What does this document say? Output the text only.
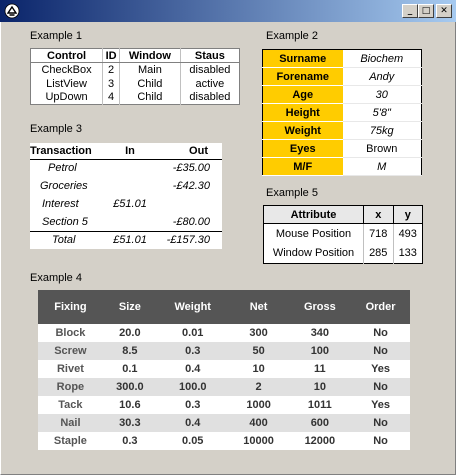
_	□	✕
Example 1
Control	ID	Window	Staus
CheckBox	2	Main	disabled
ListView	3	Child	active
UpDown	4	Child	disabled
Example 2
Surname	Biochem
Forename	Andy
Age	30
Height	5'8"
Weight	75kg
Eyes	Brown
M/F	M
Example 3
Transaction	In	Out
Petrol		-£35.00
Groceries		-£42.30
Interest	£51.01	
Section 5		-£80.00
Total	£51.01	-£157.30
Example 5
Attribute	x	y
Mouse Position	718	493
Window Position	285	133
Example 4
Fixing	Size	Weight	Net	Gross	Order
Block	20.0	0.01	300	340	No
Screw	8.5	0.3	50	100	No
Rivet	0.1	0.4	10	11	Yes
Rope	300.0	100.0	2	10	No
Tack	10.6	0.3	1000	1011	Yes
Nail	30.3	0.4	400	600	No
Staple	0.3	0.05	10000	12000	No
